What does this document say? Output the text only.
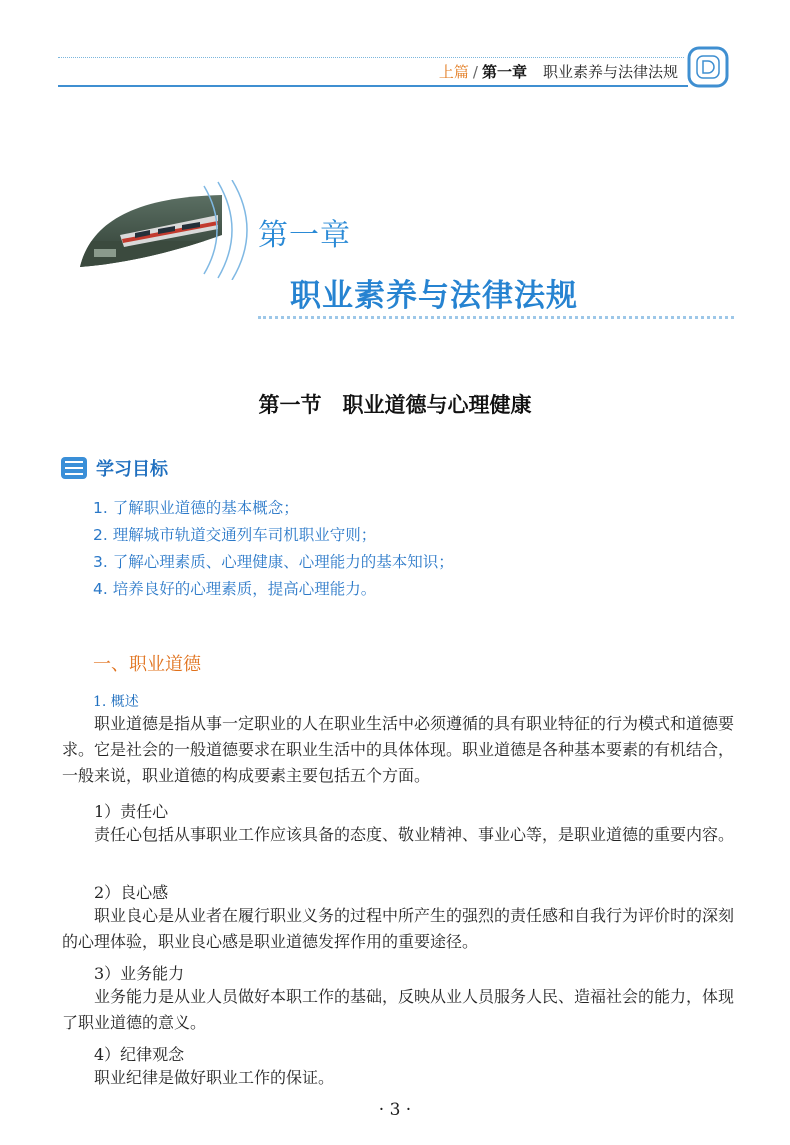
上篇 / 第一章 职业素养与法律法规
第一章
职业素养与法律法规
第一节　职业道德与心理健康
学习目标
1. 了解职业道德的基本概念；
2. 理解城市轨道交通列车司机职业守则；
3. 了解心理素质、心理健康、心理能力的基本知识；
4. 培养良好的心理素质，提高心理能力。
一、职业道德
1. 概述
职业道德是指从事一定职业的人在职业生活中必须遵循的具有职业特征的行为模式和道德要求。它是社会的一般道德要求在职业生活中的具体体现。职业道德是各种基本要素的有机结合，一般来说，职业道德的构成要素主要包括五个方面。
1）责任心
责任心包括从事职业工作应该具备的态度、敬业精神、事业心等，是职业道德的重要内容。
2）良心感
职业良心是从业者在履行职业义务的过程中所产生的强烈的责任感和自我行为评价时的深刻的心理体验，职业良心感是职业道德发挥作用的重要途径。
3）业务能力
业务能力是从业人员做好本职工作的基础，反映从业人员服务人民、造福社会的能力，体现了职业道德的意义。
4）纪律观念
职业纪律是做好职业工作的保证。
· 3 ·
